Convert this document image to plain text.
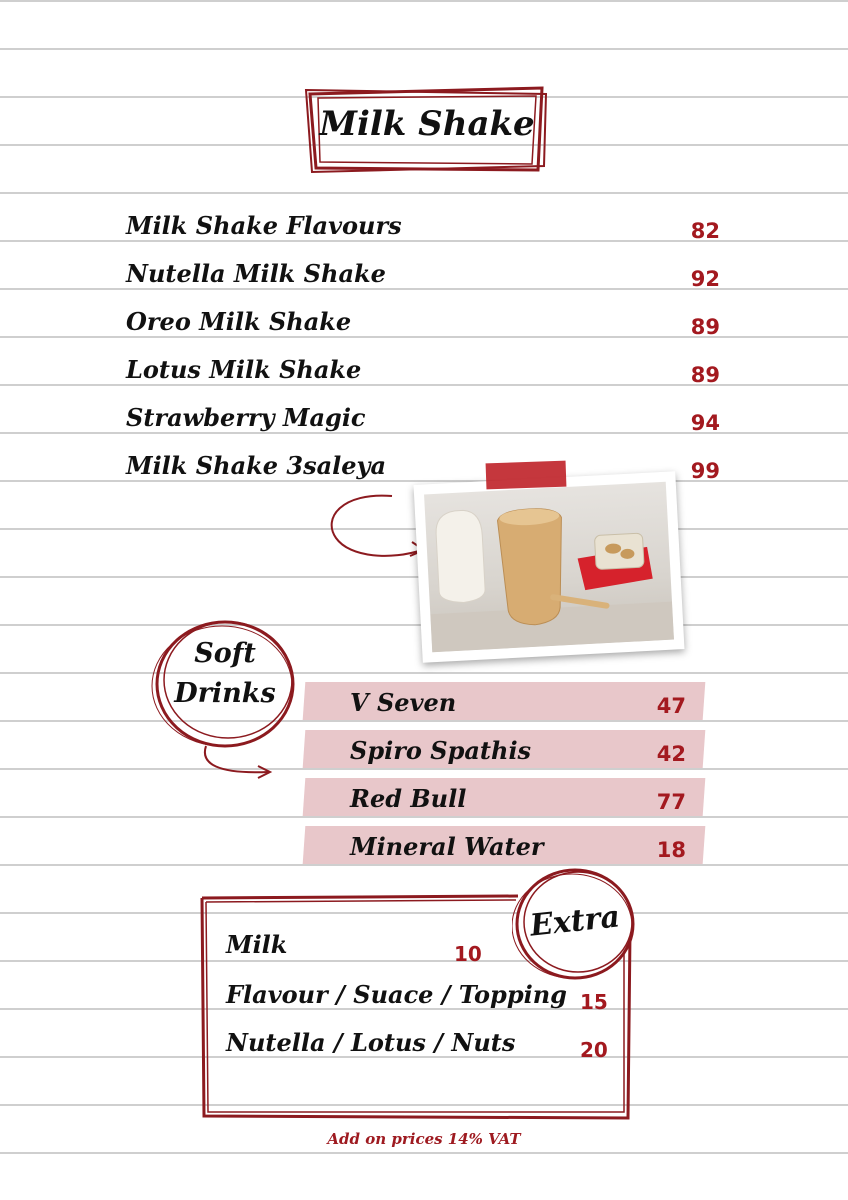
Milk Shake
Milk Shake Flavours	82
Nutella Milk Shake	92
Oreo Milk Shake	89
Lotus Milk Shake	89
Strawberry Magic	94
Milk Shake 3saleya	99
Soft
Drinks	V Seven	47
Spiro Spathis	42
Red Bull	77
Mineral Water	18
Extra
Milk	10
Flavour / Suace / Topping 15
Nutella / Lotus / Nuts	20
Add on prices 14% VAT
